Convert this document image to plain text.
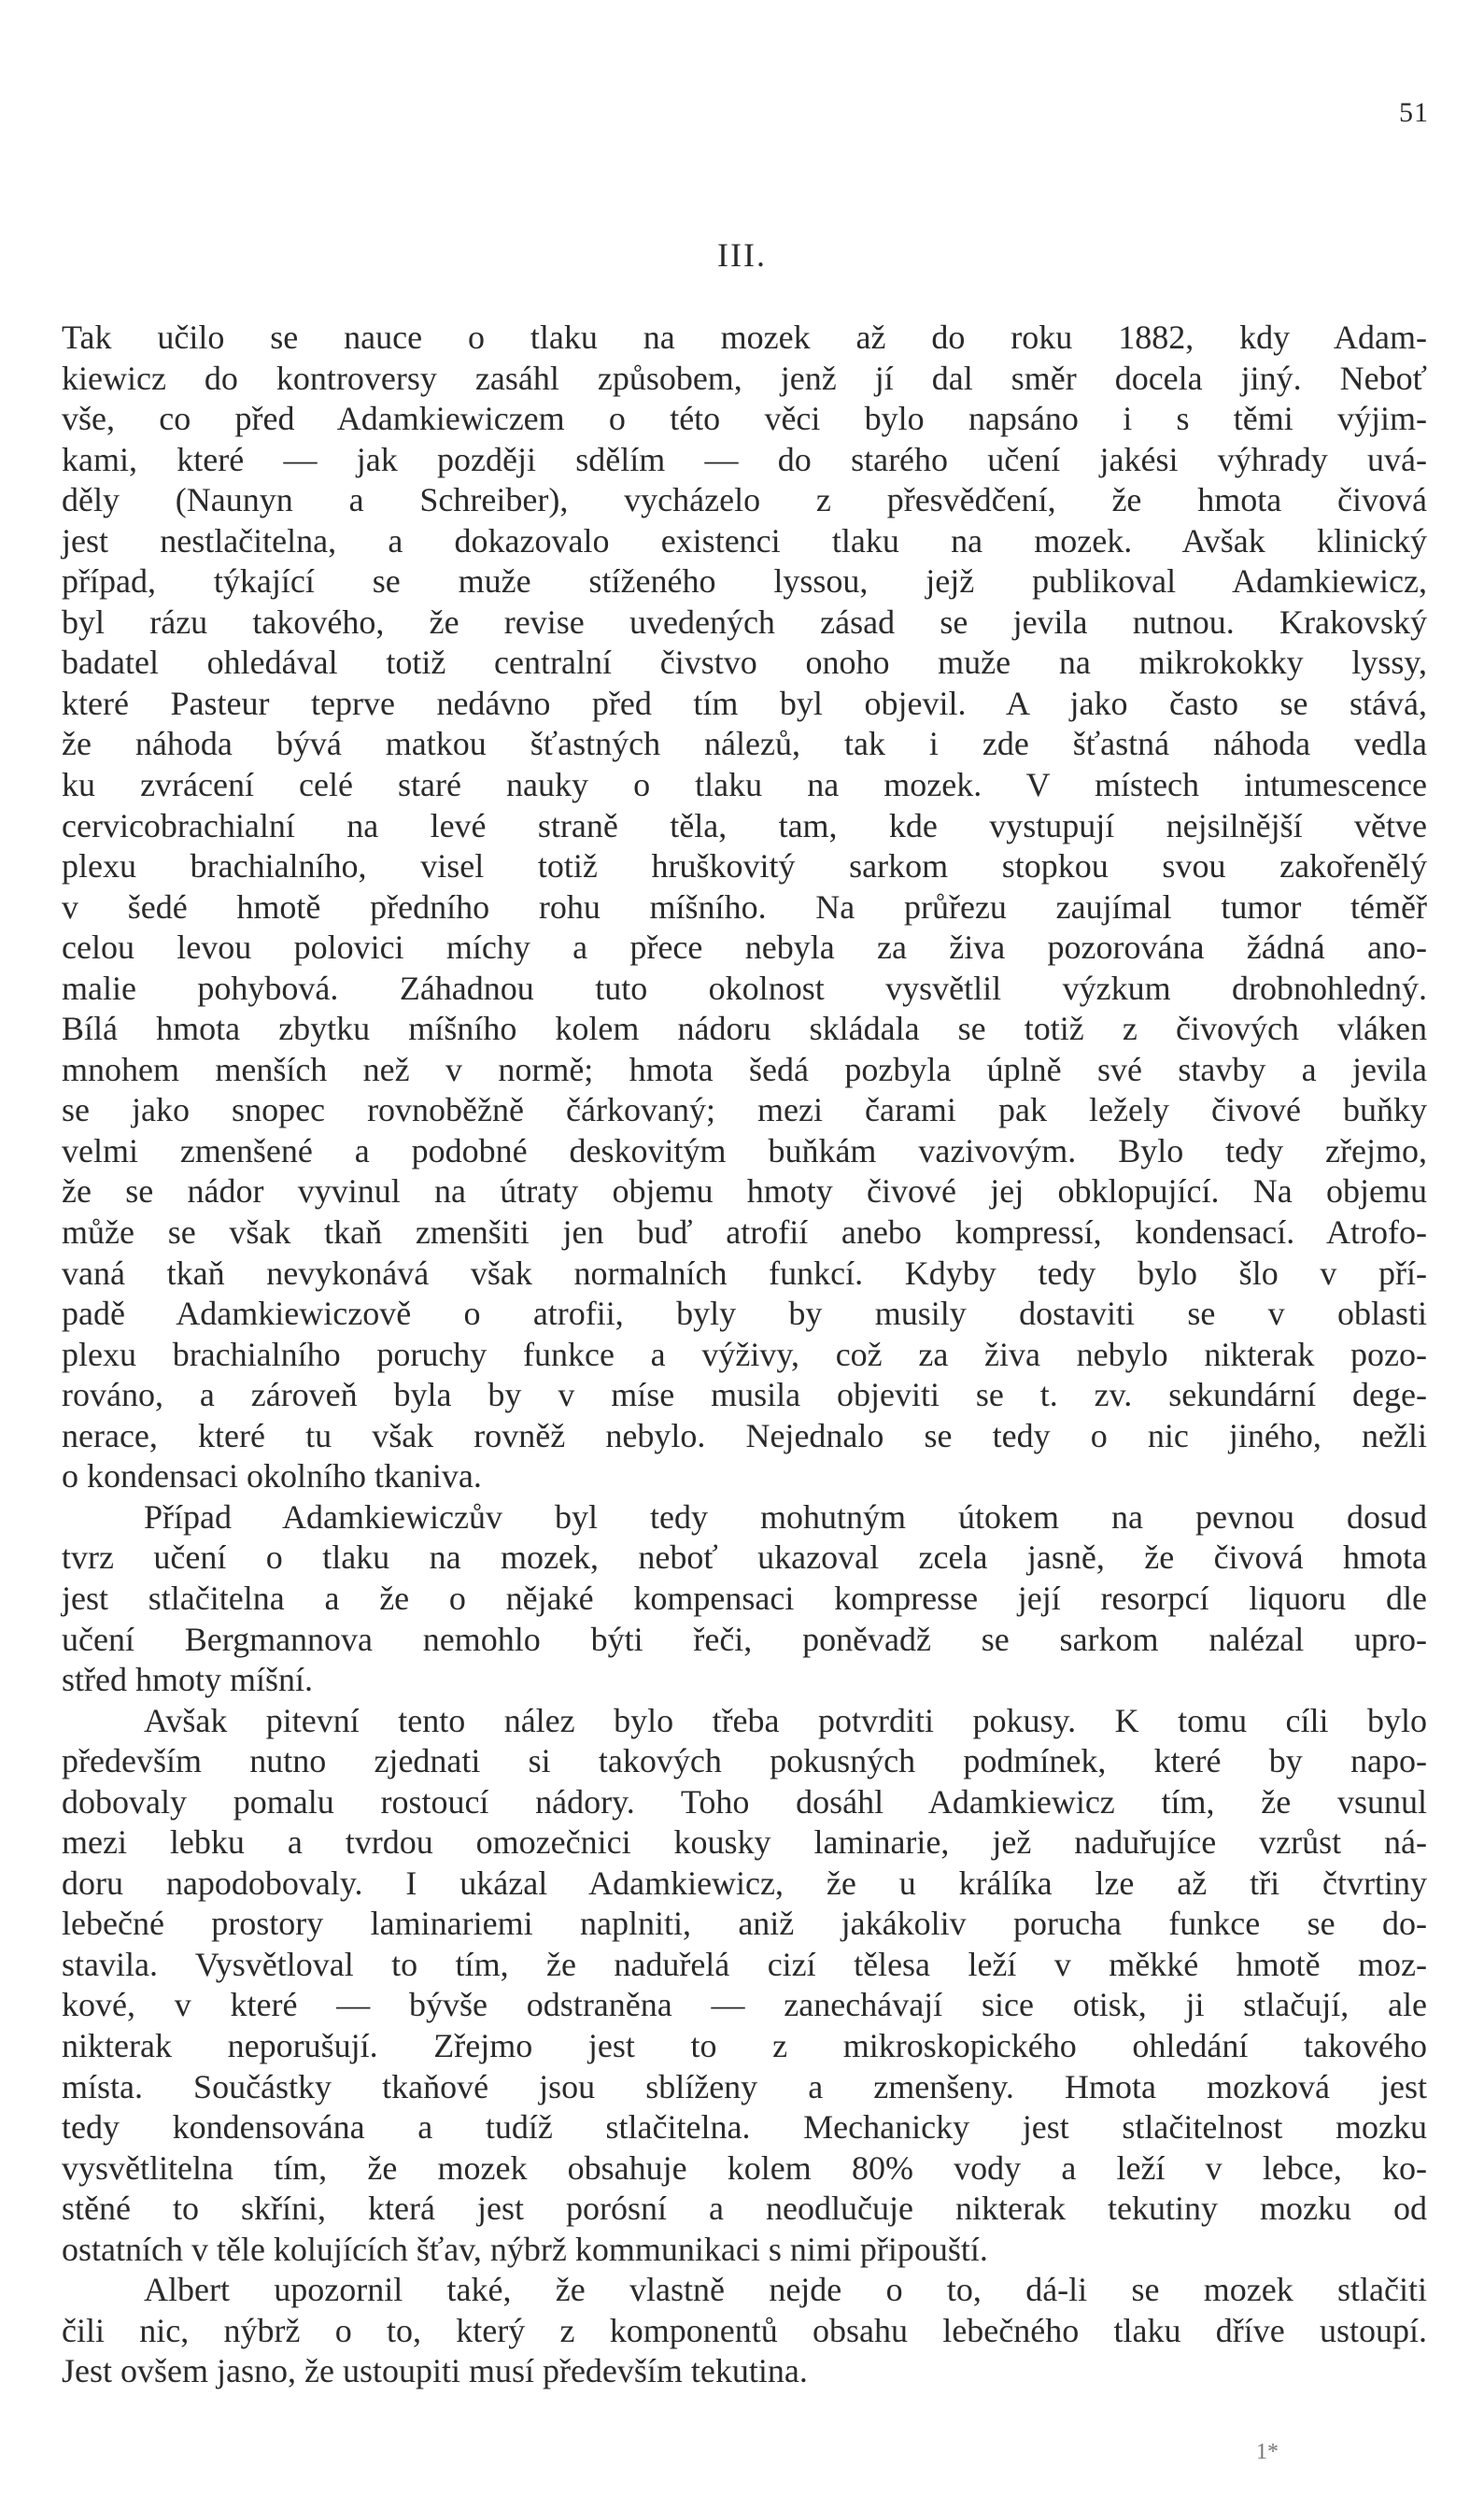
51
III.
Tak učilo se nauce o tlaku na mozek až do roku 1882, kdy Adam-
kiewicz do kontroversy zasáhl způsobem, jenž jí dal směr docela jiný. Neboť
vše, co před Adamkiewiczem o této věci bylo napsáno i s těmi výjim-
kami, které — jak později sdělím — do starého učení jakési výhrady uvá-
děly (Naunyn a Schreiber), vycházelo z přesvědčení, že hmota čivová
jest nestlačitelna, a dokazovalo existenci tlaku na mozek. Avšak klinický
případ, týkající se muže stíženého lyssou, jejž publikoval Adamkiewicz,
byl rázu takového, že revise uvedených zásad se jevila nutnou. Krakovský
badatel ohledával totiž centralní čivstvo onoho muže na mikrokokky lyssy,
které Pasteur teprve nedávno před tím byl objevil. A jako často se stává,
že náhoda bývá matkou šťastných nálezů, tak i zde šťastná náhoda vedla
ku zvrácení celé staré nauky o tlaku na mozek. V místech intumescence
cervicobrachialní na levé straně těla, tam, kde vystupují nejsilnější větve
plexu brachialního, visel totiž hruškovitý sarkom stopkou svou zakořenělý
v šedé hmotě předního rohu míšního. Na průřezu zaujímal tumor téměř
celou levou polovici míchy a přece nebyla za živa pozorována žádná ano-
malie pohybová. Záhadnou tuto okolnost vysvětlil výzkum drobnohledný.
Bílá hmota zbytku míšního kolem nádoru skládala se totiž z čivových vláken
mnohem menších než v normě; hmota šedá pozbyla úplně své stavby a jevila
se jako snopec rovnoběžně čárkovaný; mezi čarami pak ležely čivové buňky
velmi zmenšené a podobné deskovitým buňkám vazivovým. Bylo tedy zřejmo,
že se nádor vyvinul na útraty objemu hmoty čivové jej obklopující. Na objemu
může se však tkaň zmenšiti jen buď atrofií anebo kompressí, kondensací. Atrofo-
vaná tkaň nevykonává však normalních funkcí. Kdyby tedy bylo šlo v pří-
padě Adamkiewiczově o atrofii, byly by musily dostaviti se v oblasti
plexu brachialního poruchy funkce a výživy, což za živa nebylo nikterak pozo-
rováno, a zároveň byla by v míse musila objeviti se t. zv. sekundární dege-
nerace, které tu však rovněž nebylo. Nejednalo se tedy o nic jiného, nežli
o kondensaci okolního tkaniva.
Případ Adamkiewiczův byl tedy mohutným útokem na pevnou dosud
tvrz učení o tlaku na mozek, neboť ukazoval zcela jasně, že čivová hmota
jest stlačitelna a že o nějaké kompensaci kompresse její resorpcí liquoru dle
učení Bergmannova nemohlo býti řeči, poněvadž se sarkom nalézal upro-
střed hmoty míšní.
Avšak pitevní tento nález bylo třeba potvrditi pokusy. K tomu cíli bylo
především nutno zjednati si takových pokusných podmínek, které by napo-
dobovaly pomalu rostoucí nádory. Toho dosáhl Adamkiewicz tím, že vsunul
mezi lebku a tvrdou omozečnici kousky laminarie, jež naduřujíce vzrůst ná-
doru napodobovaly. I ukázal Adamkiewicz, že u králíka lze až tři čtvrtiny
lebečné prostory laminariemi naplniti, aniž jakákoliv porucha funkce se do-
stavila. Vysvětloval to tím, že naduřelá cizí tělesa leží v měkké hmotě moz-
kové, v které — bývše odstraněna — zanechávají sice otisk, ji stlačují, ale
nikterak neporušují. Zřejmo jest to z mikroskopického ohledání takového
místa. Součástky tkaňové jsou sblíženy a zmenšeny. Hmota mozková jest
tedy kondensována a tudíž stlačitelna. Mechanicky jest stlačitelnost mozku
vysvětlitelna tím, že mozek obsahuje kolem 80% vody a leží v lebce, ko-
stěné to skříni, která jest porósní a neodlučuje nikterak tekutiny mozku od
ostatních v těle kolujících šťav, nýbrž kommunikaci s nimi připouští.
Albert upozornil také, že vlastně nejde o to, dá-li se mozek stlačiti
čili nic, nýbrž o to, který z komponentů obsahu lebečného tlaku dříve ustoupí.
Jest ovšem jasno, že ustoupiti musí především tekutina.
1*
